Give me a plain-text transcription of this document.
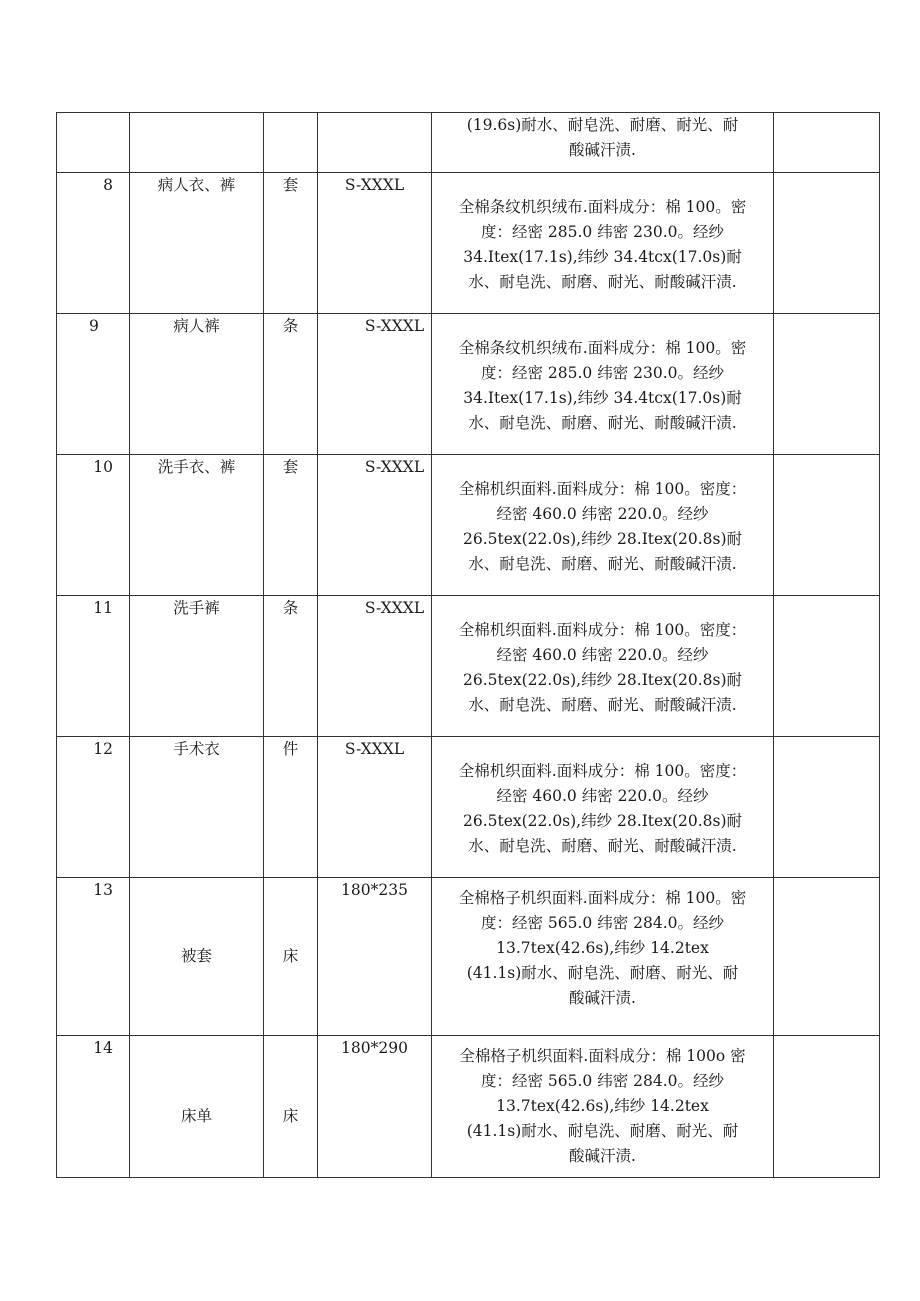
				(19.6s)耐水、耐皂洗、耐磨、耐光、耐
酸碱汗渍.	

8	病人衣、裤	套	S-XXXL	全棉条纹机织绒布.面料成分：棉 100。密
度：经密 285.0 纬密 230.0。经纱
34.Itex(17.1s),纬纱 34.4tcx(17.0s)耐
水、耐皂洗、耐磨、耐光、耐酸碱汗渍.	

9	病人裤	条	S-XXXL	全棉条纹机织绒布.面料成分：棉 100。密
度：经密 285.0 纬密 230.0。经纱
34.Itex(17.1s),纬纱 34.4tcx(17.0s)耐
水、耐皂洗、耐磨、耐光、耐酸碱汗渍.	

10	洗手衣、裤	套	S-XXXL	全棉机织面料.面料成分：棉 100。密度：
经密 460.0 纬密 220.0。经纱
26.5tex(22.0s),纬纱 28.Itex(20.8s)耐
水、耐皂洗、耐磨、耐光、耐酸碱汗渍.	

11	洗手裤	条	S-XXXL	全棉机织面料.面料成分：棉 100。密度：
经密 460.0 纬密 220.0。经纱
26.5tex(22.0s),纬纱 28.Itex(20.8s)耐
水、耐皂洗、耐磨、耐光、耐酸碱汗渍.	

12	手术衣	件	S-XXXL	全棉机织面料.面料成分：棉 100。密度：
经密 460.0 纬密 220.0。经纱
26.5tex(22.0s),纬纱 28.Itex(20.8s)耐
水、耐皂洗、耐磨、耐光、耐酸碱汗渍.	

13	被套	床	180*235	全棉格子机织面料.面料成分：棉 100。密
度：经密 565.0 纬密 284.0。经纱
13.7tex(42.6s),纬纱 14.2tex
(41.1s)耐水、耐皂洗、耐磨、耐光、耐
酸碱汗渍.	

14	床单	床	180*290	全棉格子机织面料.面料成分：棉 100o 密
度：经密 565.0 纬密 284.0。经纱
13.7tex(42.6s),纬纱 14.2tex
(41.1s)耐水、耐皂洗、耐磨、耐光、耐
酸碱汗渍.	
